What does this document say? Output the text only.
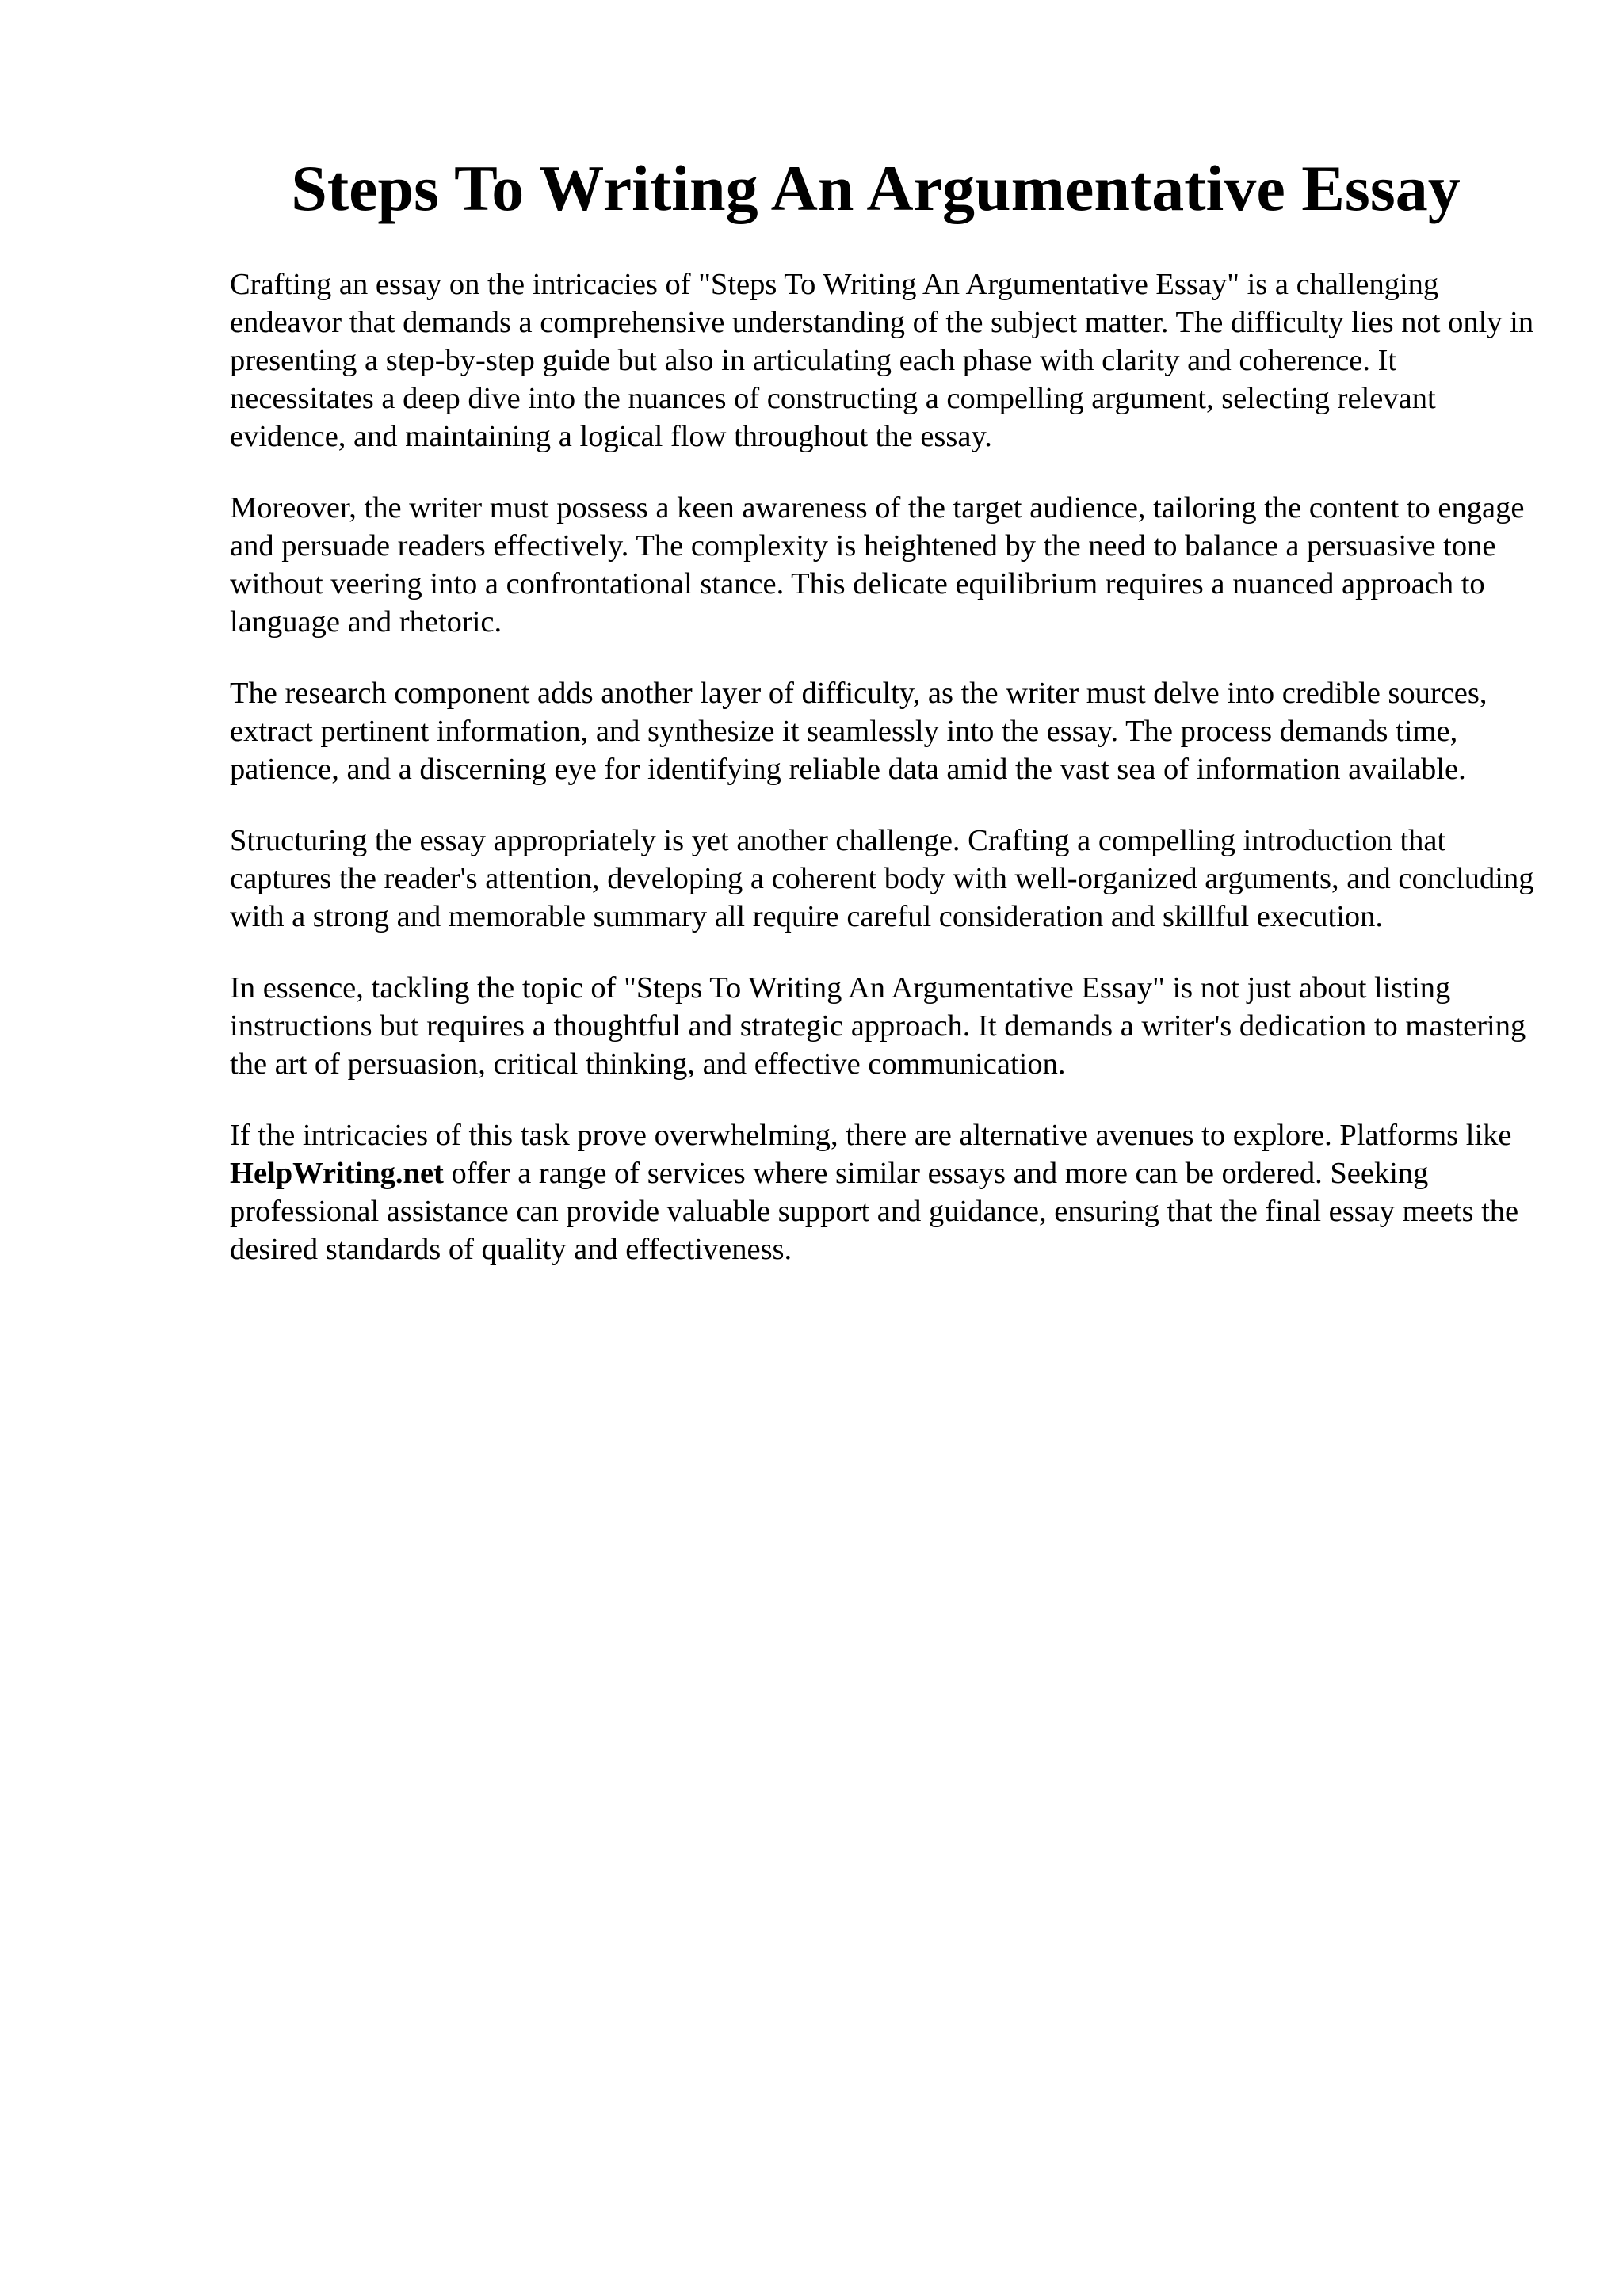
Steps To Writing An Argumentative Essay

Crafting an essay on the intricacies of "Steps To Writing An Argumentative Essay" is a challenging endeavor that demands a comprehensive understanding of the subject matter. The difficulty lies not only in presenting a step-by-step guide but also in articulating each phase with clarity and coherence. It necessitates a deep dive into the nuances of constructing a compelling argument, selecting relevant evidence, and maintaining a logical flow throughout the essay.

Moreover, the writer must possess a keen awareness of the target audience, tailoring the content to engage and persuade readers effectively. The complexity is heightened by the need to balance a persuasive tone without veering into a confrontational stance. This delicate equilibrium requires a nuanced approach to language and rhetoric.

The research component adds another layer of difficulty, as the writer must delve into credible sources, extract pertinent information, and synthesize it seamlessly into the essay. The process demands time, patience, and a discerning eye for identifying reliable data amid the vast sea of information available.

Structuring the essay appropriately is yet another challenge. Crafting a compelling introduction that captures the reader's attention, developing a coherent body with well-organized arguments, and concluding with a strong and memorable summary all require careful consideration and skillful execution.

In essence, tackling the topic of "Steps To Writing An Argumentative Essay" is not just about listing instructions but requires a thoughtful and strategic approach. It demands a writer's dedication to mastering the art of persuasion, critical thinking, and effective communication.

If the intricacies of this task prove overwhelming, there are alternative avenues to explore. Platforms like HelpWriting.net offer a range of services where similar essays and more can be ordered. Seeking professional assistance can provide valuable support and guidance, ensuring that the final essay meets the desired standards of quality and effectiveness.
